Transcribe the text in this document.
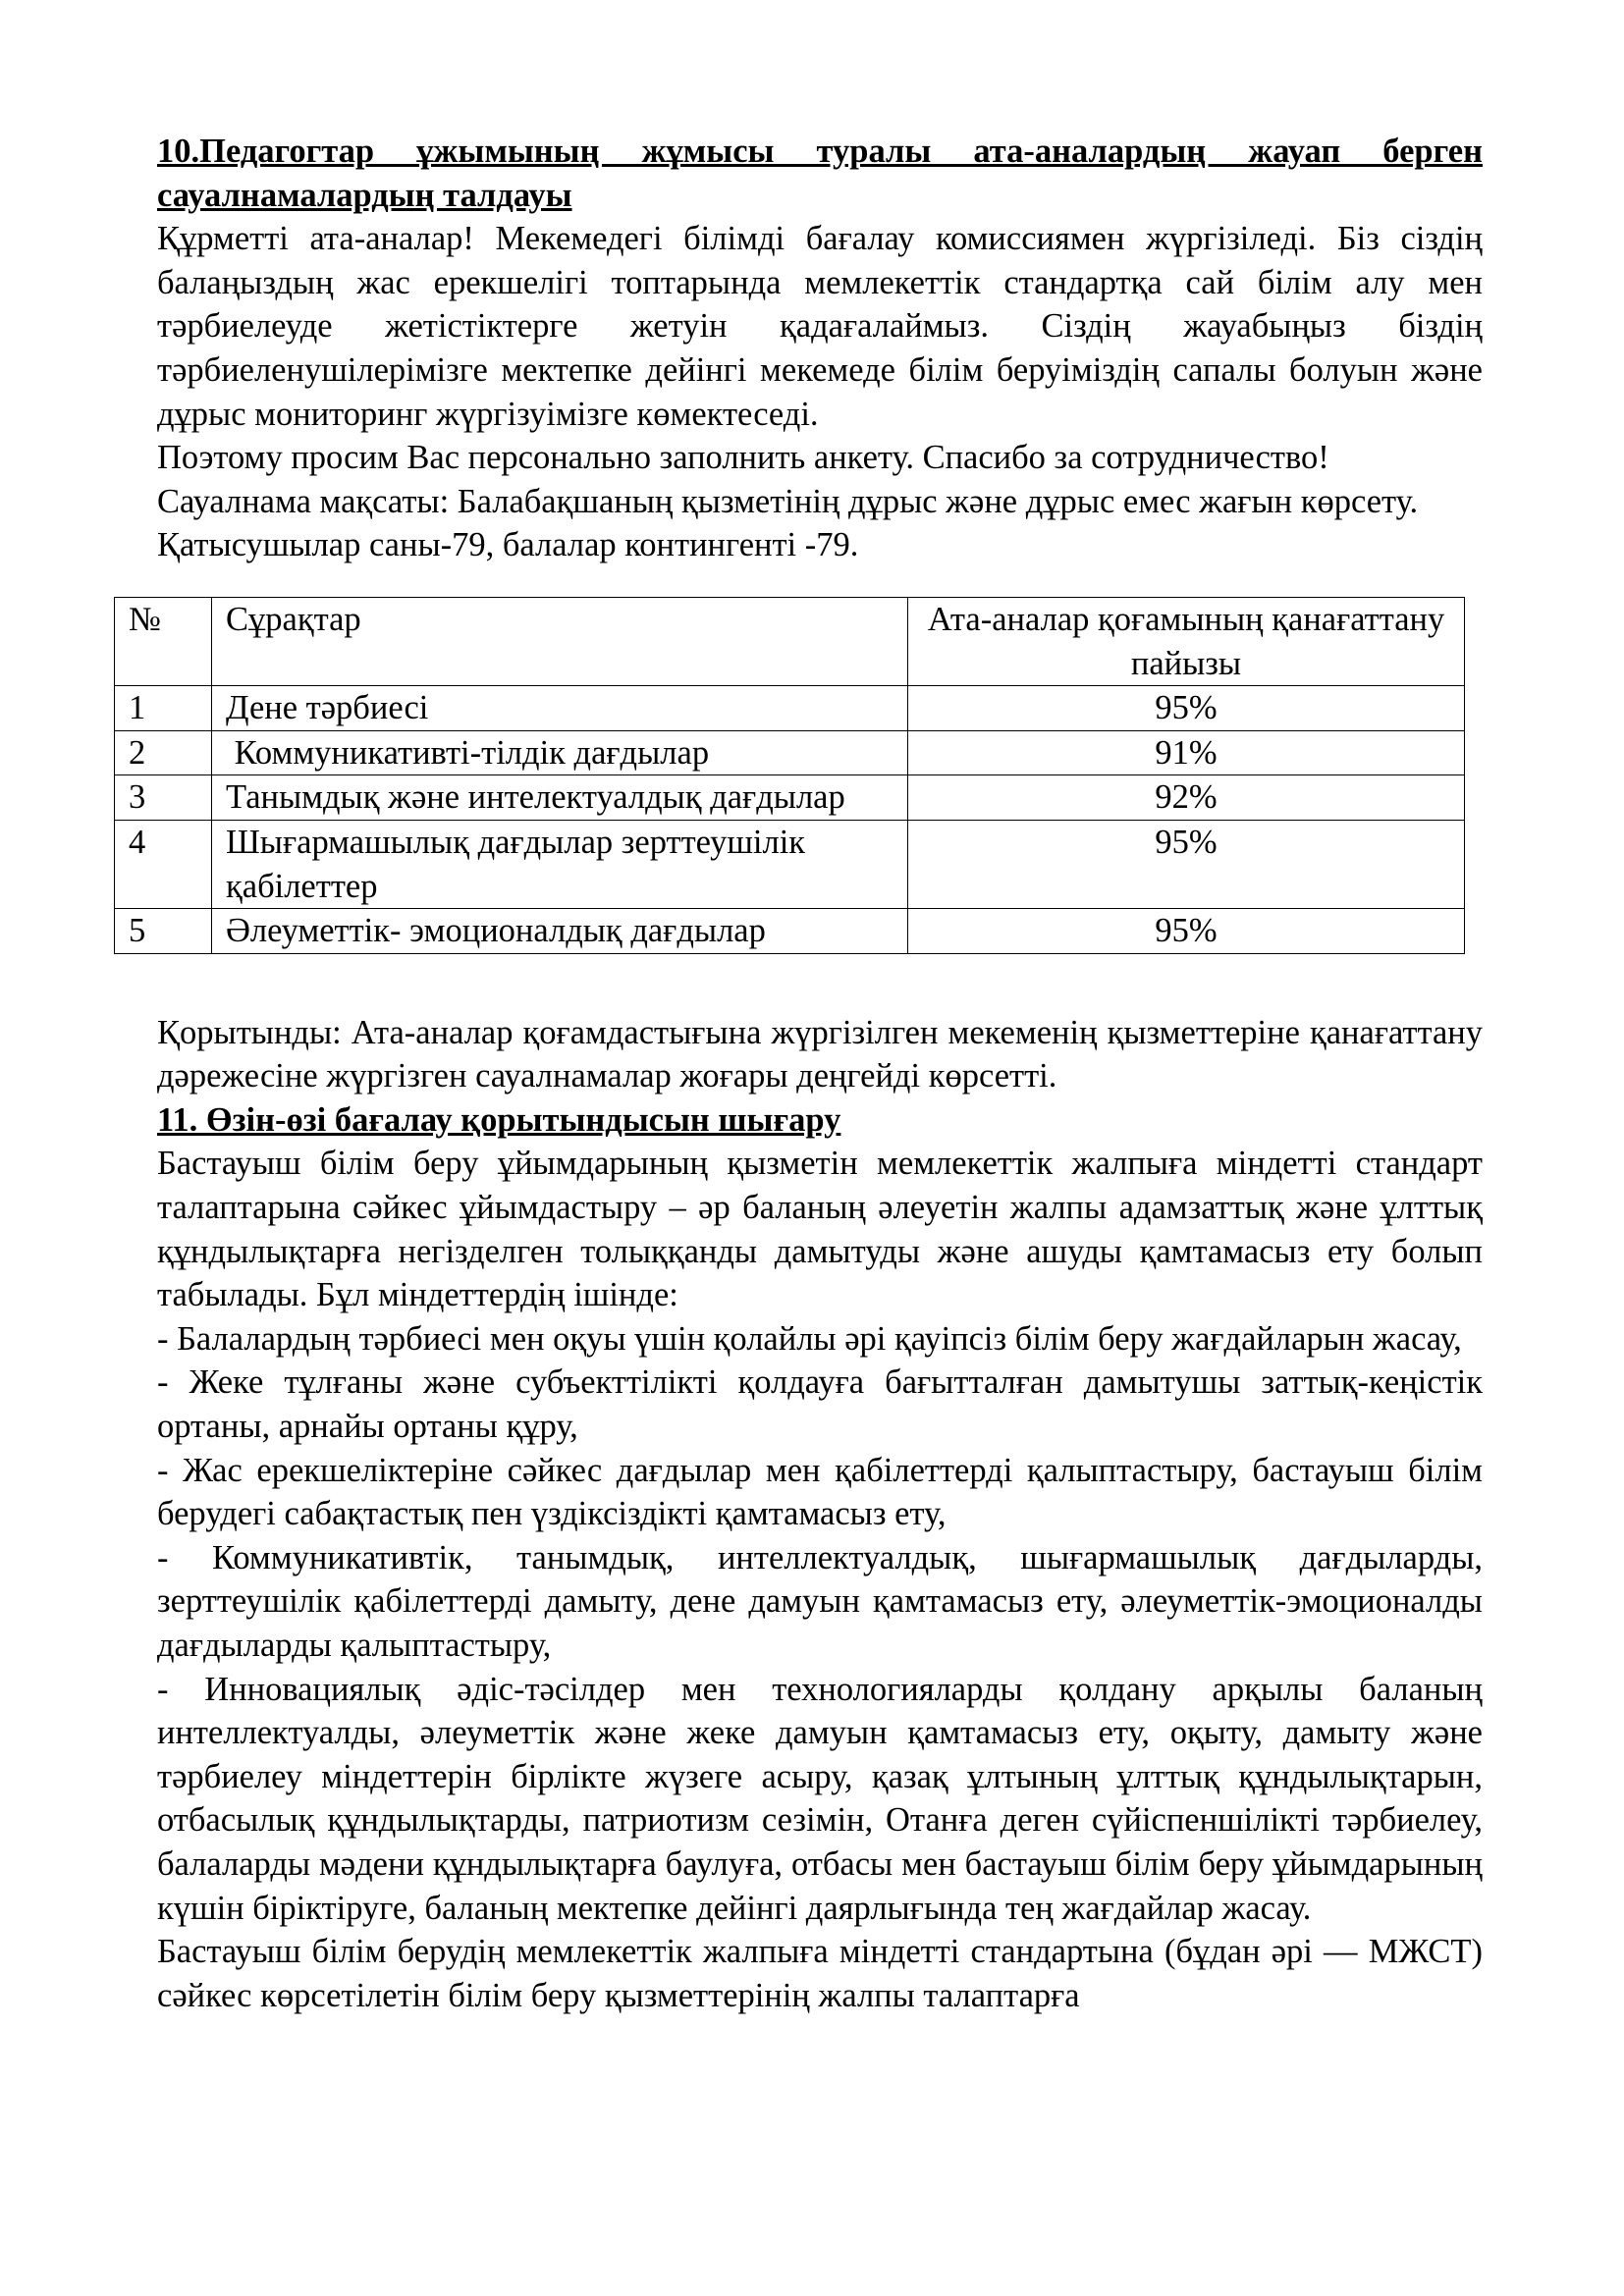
10.Педагогтар ұжымының жұмысы туралы ата-аналардың жауап берген сауалнамалардың талдауы

Құрметті ата-аналар! Мекемедегі білімді бағалау комиссиямен жүргізіледі. Біз сіздің балаңыздың жас ерекшелігі топтарында мемлекеттік стандартқа сай білім алу мен тәрбиелеуде жетістіктерге жетуін қадағалаймыз. Сіздің жауабыңыз біздің тәрбиеленушілерімізге мектепке дейінгі мекемеде білім беруіміздің сапалы болуын және дұрыс мониторинг жүргізуімізге көмектеседі.

Поэтому просим Вас персонально заполнить анкету. Спасибо за сотрудничество!

Сауалнама мақсаты: Балабақшаның қызметінің дұрыс және дұрыс емес жағын көрсету.

Қатысушылар саны-79, балалар контингенті -79.

№	Сұрақтар	Ата-аналар қоғамының қанағаттану пайызы
1	Дене тәрбиесі	95%
2	Коммуникативті-тілдік дағдылар	91%
3	Танымдық және интелектуалдық дағдылар	92%
4	Шығармашылық дағдылар зерттеушілік қабілеттер	95%
5	Әлеуметтік- эмоционалдық дағдылар	95%

Қорытынды: Ата-аналар қоғамдастығына жүргізілген мекеменің қызметтеріне қанағаттану дәрежесіне жүргізген сауалнамалар жоғары деңгейді көрсетті.

11. Өзін-өзі бағалау қорытындысын шығару

Бастауыш білім беру ұйымдарының қызметін мемлекеттік жалпыға міндетті стандарт талаптарына сәйкес ұйымдастыру – әр баланың әлеуетін жалпы адамзаттық және ұлттық құндылықтарға негізделген толыққанды дамытуды және ашуды қамтамасыз ету болып табылады. Бұл міндеттердің ішінде:

- Балалардың тәрбиесі мен оқуы үшін қолайлы әрі қауіпсіз білім беру жағдайларын жасау,

- Жеке тұлғаны және субъекттілікті қолдауға бағытталған дамытушы заттық-кеңістік ортаны, арнайы ортаны құру,

- Жас ерекшеліктеріне сәйкес дағдылар мен қабілеттерді қалыптастыру, бастауыш білім берудегі сабақтастық пен үздіксіздікті қамтамасыз ету,

- Коммуникативтік, танымдық, интеллектуалдық, шығармашылық дағдыларды, зерттеушілік қабілеттерді дамыту, дене дамуын қамтамасыз ету, әлеуметтік-эмоционалды дағдыларды қалыптастыру,

- Инновациялық әдіс-тәсілдер мен технологияларды қолдану арқылы баланың интеллектуалды, әлеуметтік және жеке дамуын қамтамасыз ету, оқыту, дамыту және тәрбиелеу міндеттерін бірлікте жүзеге асыру, қазақ ұлтының ұлттық құндылықтарын, отбасылық құндылықтарды, патриотизм сезімін, Отанға деген сүйіспеншілікті тәрбиелеу, балаларды мәдени құндылықтарға баулуға, отбасы мен бастауыш білім беру ұйымдарының күшін біріктіруге, баланың мектепке дейінгі даярлығында тең жағдайлар жасау.

Бастауыш білім берудің мемлекеттік жалпыға міндетті стандартына (бұдан әрі — МЖСТ) сәйкес көрсетілетін білім беру қызметтерінің жалпы талаптарға
